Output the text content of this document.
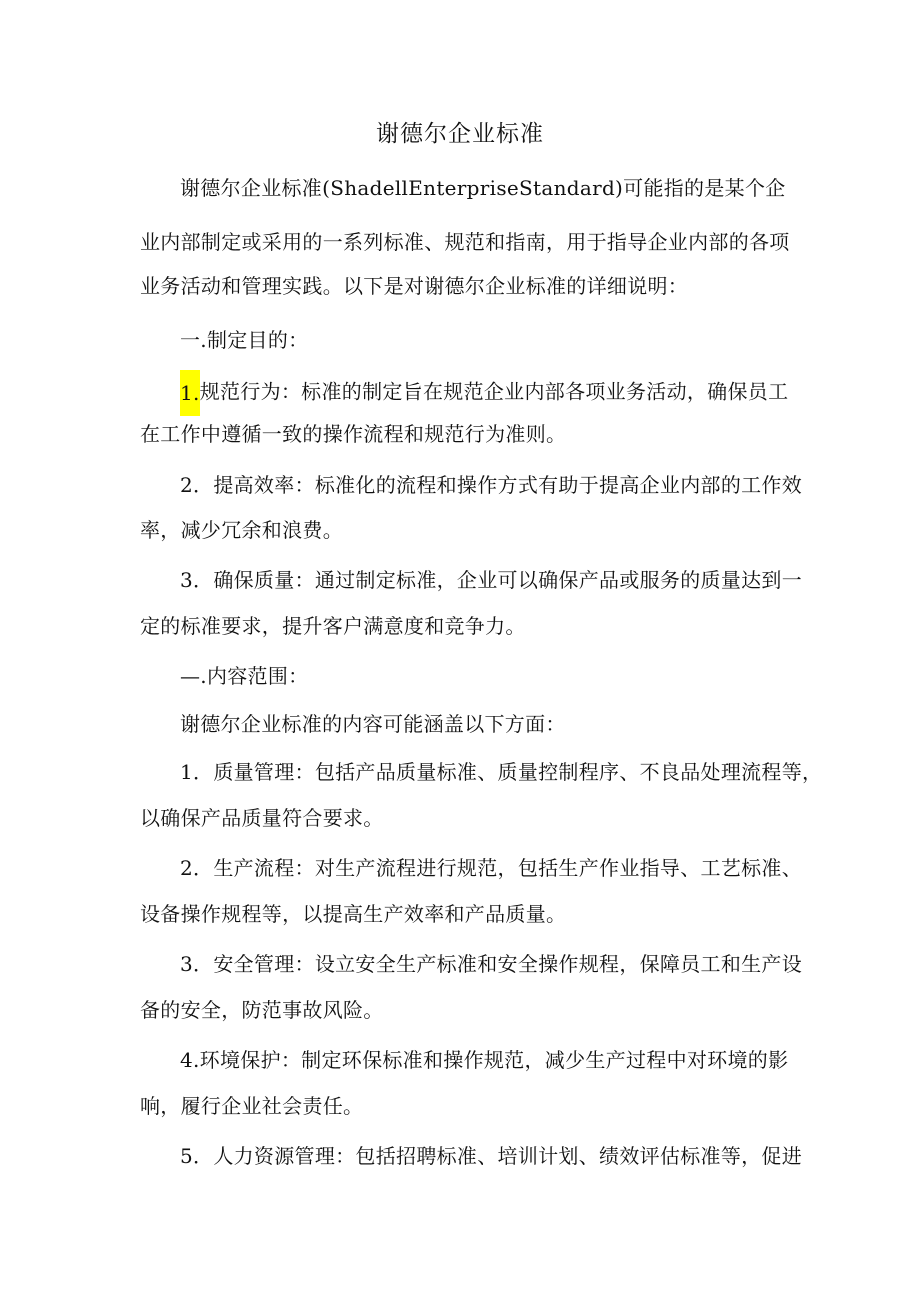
谢德尔企业标准
谢德尔企业标准(ShadellEnterpriseStandard)可能指的是某个企
业内部制定或采用的一系列标准、规范和指南，用于指导企业内部的各项
业务活动和管理实践。以下是对谢德尔企业标准的详细说明：
一.制定目的：
1.规范行为：标准的制定旨在规范企业内部各项业务活动，确保员工
在工作中遵循一致的操作流程和规范行为准则。
2．提高效率：标准化的流程和操作方式有助于提高企业内部的工作效
率，减少冗余和浪费。
3．确保质量：通过制定标准，企业可以确保产品或服务的质量达到一
定的标准要求，提升客户满意度和竞争力。
—.内容范围：
谢德尔企业标准的内容可能涵盖以下方面：
1．质量管理：包括产品质量标准、质量控制程序、不良品处理流程等，
以确保产品质量符合要求。
2．生产流程：对生产流程进行规范，包括生产作业指导、工艺标准、
设备操作规程等，以提高生产效率和产品质量。
3．安全管理：设立安全生产标准和安全操作规程，保障员工和生产设
备的安全，防范事故风险。
4.环境保护：制定环保标准和操作规范，减少生产过程中对环境的影
响，履行企业社会责任。
5．人力资源管理：包括招聘标准、培训计划、绩效评估标准等，促进
